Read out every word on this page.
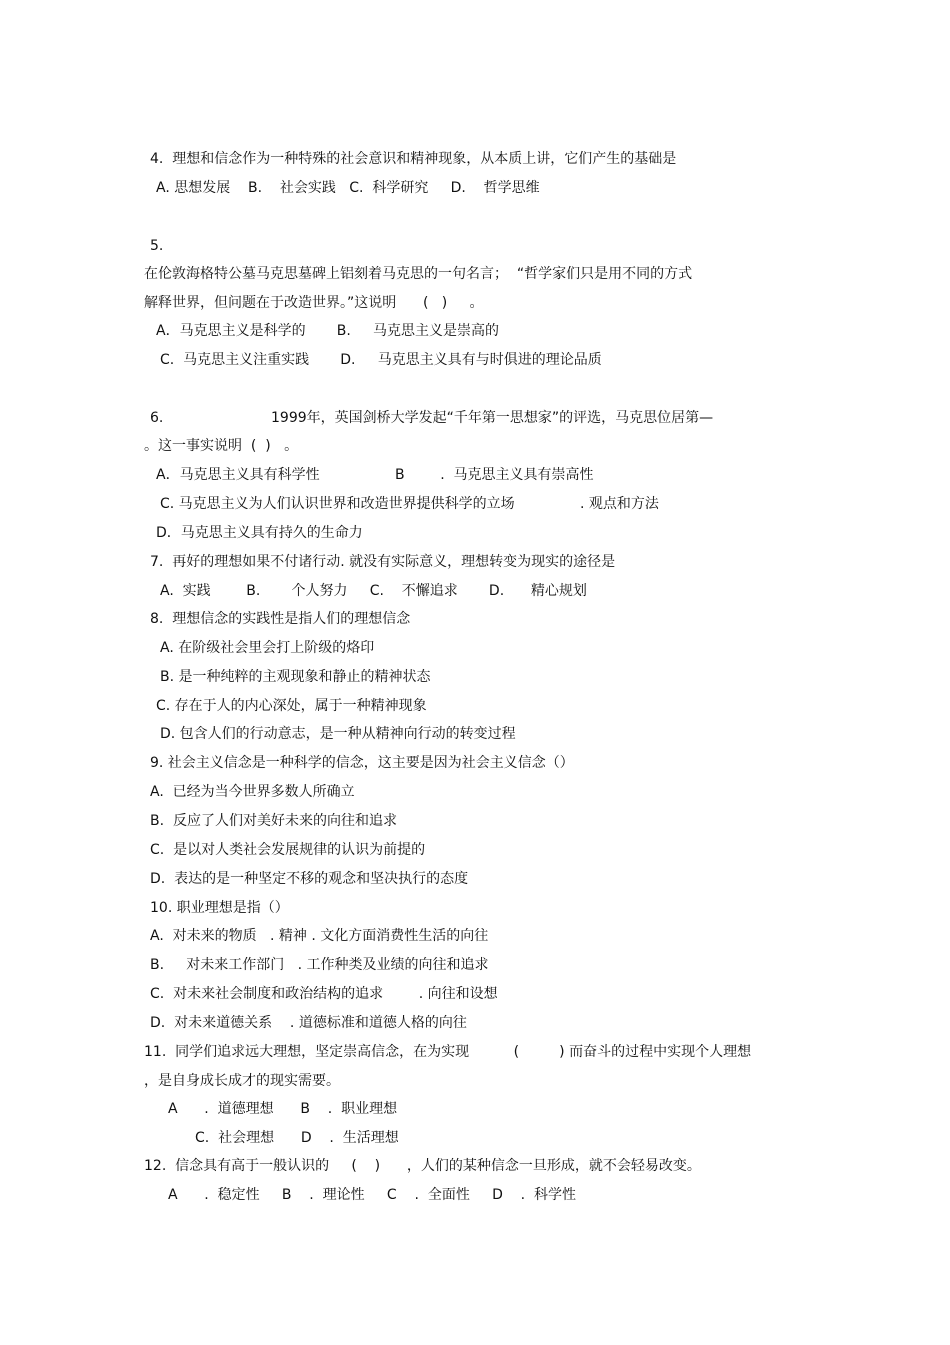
4.  理想和信念作为一种特殊的社会意识和精神现象，从本质上讲，它们产生的基础是
A. 思想发展    B.    社会实践   C.  科学研究     D.    哲学思维
5.
在伦敦海格特公墓马克思墓碑上铝刻着马克思的一句名言；  “哲学家们只是用不同的方式
解释世界，但问题在于改造世界。”这说明      (   )     。
A．马克思主义是科学的       B.     马克思主义是崇高的
C.  马克思主义注重实践       D.     马克思主义具有与时俱进的理论品质
6.	1999年，英国剑桥大学发起“千年第一思想家”的评选，马克思位居第—
。这一事实说明  (  )   。
A．马克思主义具有科学性	B        .  马克思主义具有崇高性
C. 马克思主义为人们认识世界和改造世界提供科学的立场	. 观点和方法
D．马克思主义具有持久的生命力
7.  再好的理想如果不付诸行动. 就没有实际意义，理想转变为现实的途径是
A.  实践        B.       个人努力     C.    不懈追求       D.      精心规划
8.  理想信念的实践性是指人们的理想信念
A. 在阶级社会里会打上阶级的烙印
B. 是一种纯粹的主观现象和静止的精神状态
C. 存在于人的内心深处，属于一种精神现象
D. 包含人们的行动意志，是一种从精神向行动的转变过程
9. 社会主义信念是一种科学的信念，这主要是因为社会主义信念（）
A.  已经为当今世界多数人所确立
B.  反应了人们对美好未来的向往和追求
C.  是以对人类社会发展规律的认识为前提的
D.  表达的是一种坚定不移的观念和坚决执行的态度
10. 职业理想是指（）
A.  对未来的物质   . 精神 . 文化方面消费性生活的向往
B.     对未来工作部门   . 工作种类及业绩的向往和追求
C.  对未来社会制度和政治结构的追求        . 向往和设想
D.  对未来道德关系    . 道德标准和道德人格的向往
11.  同学们追求远大理想，坚定崇高信念，在为实现          (         ) 而奋斗的过程中实现个人理想
，是自身成长成才的现实需要。
A      .  道德理想      B    .  职业理想
C.  社会理想      D    .  生活理想
12.  信念具有高于一般认识的     (    )      ，人们的某种信念一旦形成，就不会轻易改变。
A      .  稳定性     B    .  理论性     C    .  全面性     D    .  科学性
